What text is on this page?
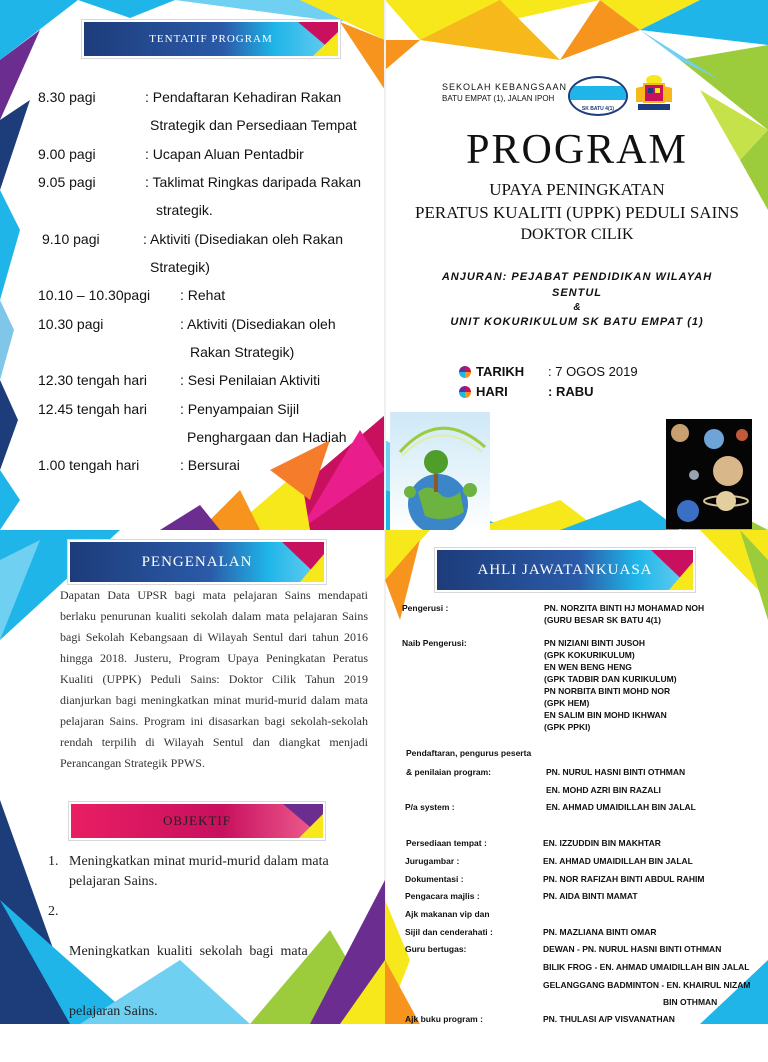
TENTATIF PROGRAM
8.30 pagi	: Pendaftaran Kehadiran Rakan
Strategik dan Persediaan Tempat
9.00 pagi	: Ucapan Aluan Pentadbir
9.05 pagi	: Taklimat Ringkas daripada Rakan
strategik.
9.10 pagi	: Aktiviti (Disediakan oleh Rakan
Strategik)
10.10 – 10.30pagi : Rehat
10.30 pagi	: Aktiviti (Disediakan oleh
Rakan Strategik)
12.30 tengah hari : Sesi Penilaian Aktiviti
12.45 tengah hari : Penyampaian Sijil
Penghargaan dan Hadiah
1.00 tengah hari	: Bersurai
SEKOLAH KEBANGSAAN
BATU EMPAT (1), JALAN IPOH
SK BATU 4(1)
PROGRAM
UPAYA PENINGKATAN
PERATUS KUALITI (UPPK) PEDULI SAINS
DOKTOR CILIK
ANJURAN: PEJABAT PENDIDIKAN WILAYAH
SENTUL
&
UNIT KOKURIKULUM SK BATU EMPAT (1)
TARIKH : 7 OGOS 2019
HARI	: RABU
PENGENALAN
Dapatan Data UPSR bagi mata pelajaran Sains mendapati berlaku penurunan kualiti sekolah dalam mata pelajaran Sains bagi Sekolah Kebangsaan di Wilayah Sentul dari tahun 2016 hingga 2018. Justeru, Program Upaya Peningkatan Peratus Kualiti (UPPK) Peduli Sains: Doktor Cilik Tahun 2019 dianjurkan bagi meningkatkan minat murid-murid dalam mata pelajaran Sains. Program ini disasarkan bagi sekolah-sekolah rendah terpilih di Wilayah Sentul dan diangkat menjadi Perancangan Strategik PPWS.
OBJEKTIF
1. Meningkatkan minat murid-murid dalam mata
pelajaran Sains.
2.

Meningkatkan  kualiti  sekolah  bagi  mata

pelajaran Sains.

AHLI JAWATANKUASA
Pengerusi :	PN. NORZITA BINTI HJ MOHAMAD NOH
(GURU BESAR SK BATU 4(1)
Naib Pengerusi:	PN NIZIANI BINTI JUSOH
(GPK KOKURIKULUM)
EN WEN BENG HENG
(GPK TADBIR DAN KURIKULUM)
PN NORBITA BINTI MOHD NOR
(GPK HEM)
EN SALIM BIN MOHD IKHWAN
(GPK PPKI)
Pendaftaran, pengurus peserta
& penilaian program:	PN. NURUL HASNI BINTI OTHMAN
EN. MOHD AZRI BIN RAZALI
P/a system :	EN. AHMAD UMAIDILLAH BIN JALAL
Persediaan tempat :	EN. IZZUDDIN BIN MAKHTAR
Jurugambar :	EN. AHMAD UMAIDILLAH BIN JALAL
Dokumentasi :	PN. NOR RAFIZAH BINTI ABDUL RAHIM
Pengacara majlis :	PN. AIDA BINTI MAMAT
Ajk makanan vip dan
Sijil dan cenderahati :	PN. MAZLIANA BINTI OMAR
Guru bertugas:	DEWAN - PN. NURUL HASNI BINTI OTHMAN
BILIK FROG - EN. AHMAD UMAIDILLAH BIN JALAL
GELANGGANG BADMINTON - EN. KHAIRUL NIZAM
BIN OTHMAN
Ajk buku program :	PN. THULASI A/P VISVANATHAN
